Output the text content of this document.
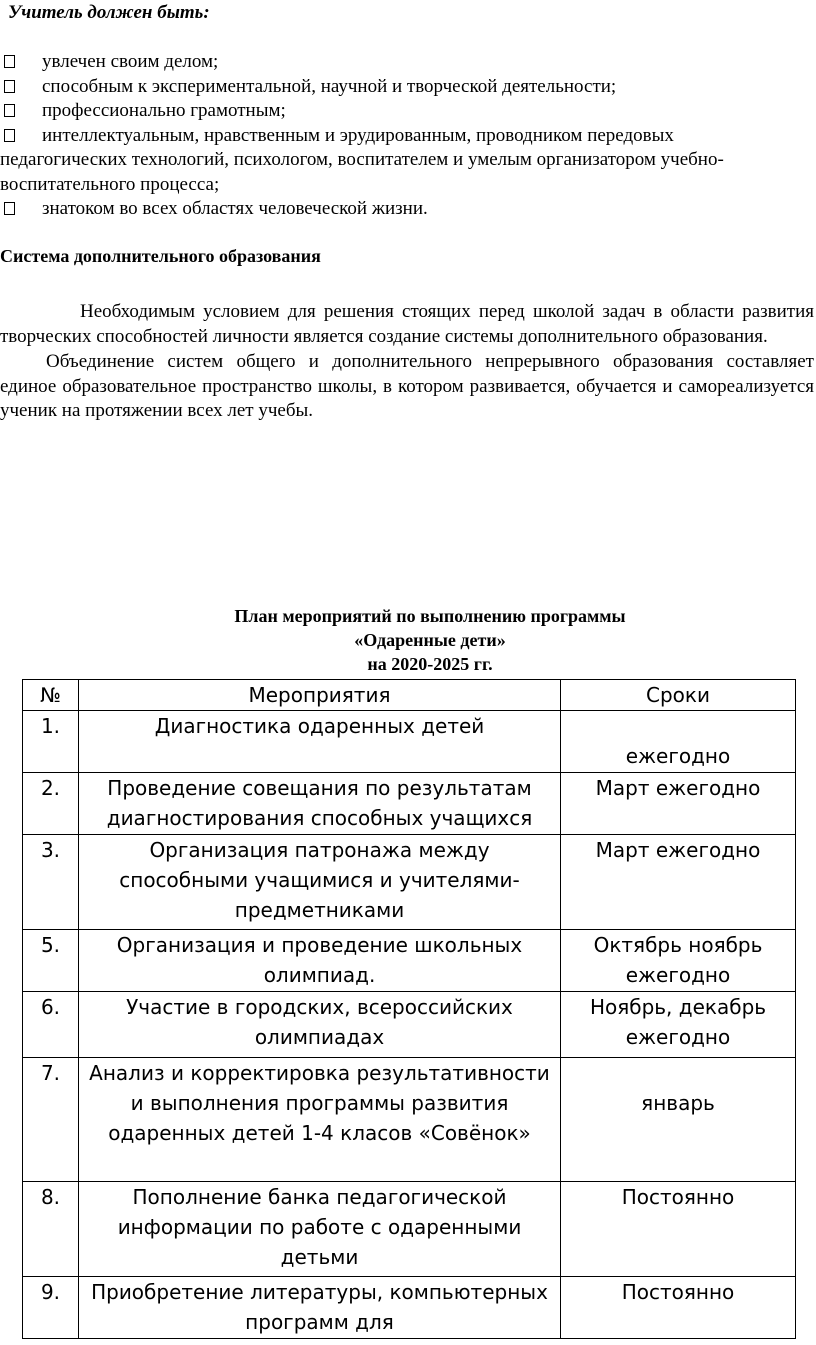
Учитель должен быть:
увлечен своим делом;
способным к экспериментальной, научной и творческой деятельности;
профессионально грамотным;
интеллектуальным, нравственным и эрудированным, проводником передовых
педагогических технологий, психологом, воспитателем и умелым организатором учебно-
воспитательного процесса;
знатоком во всех областях человеческой жизни.
Система дополнительного образования

Необходимым условием для решения стоящих перед школой задач в области развития творческих способностей личности является создание системы дополнительного образования.

Объединение систем общего и дополнительного непрерывного образования составляет единое образовательное пространство школы, в котором развивается, обучается и самореализуется ученик на протяжении всех лет учебы.

План мероприятий по выполнению программы
«Одаренные дети»
на 2020-2025 гг.
№	Мероприятия	Сроки
1.	Диагностика одаренных детей	ежегодно
2.	Проведение совещания по результатам диагностирования способных учащихся	Март ежегодно
3.	Организация патронажа между способными учащимися и учителями-предметниками	Март ежегодно
5.	Организация и проведение школьных олимпиад.	Октябрь ноябрь ежегодно
6.	Участие в городских, всероссийских олимпиадах	Ноябрь, декабрь ежегодно
7.	Анализ и корректировка результативности и выполнения программы развития одаренных детей 1-4 класов «Совёнок»	январь
8.	Пополнение банка педагогической информации по работе с одаренными детьми	Постоянно
9.	Приобретение литературы, компьютерных программ для	Постоянно
